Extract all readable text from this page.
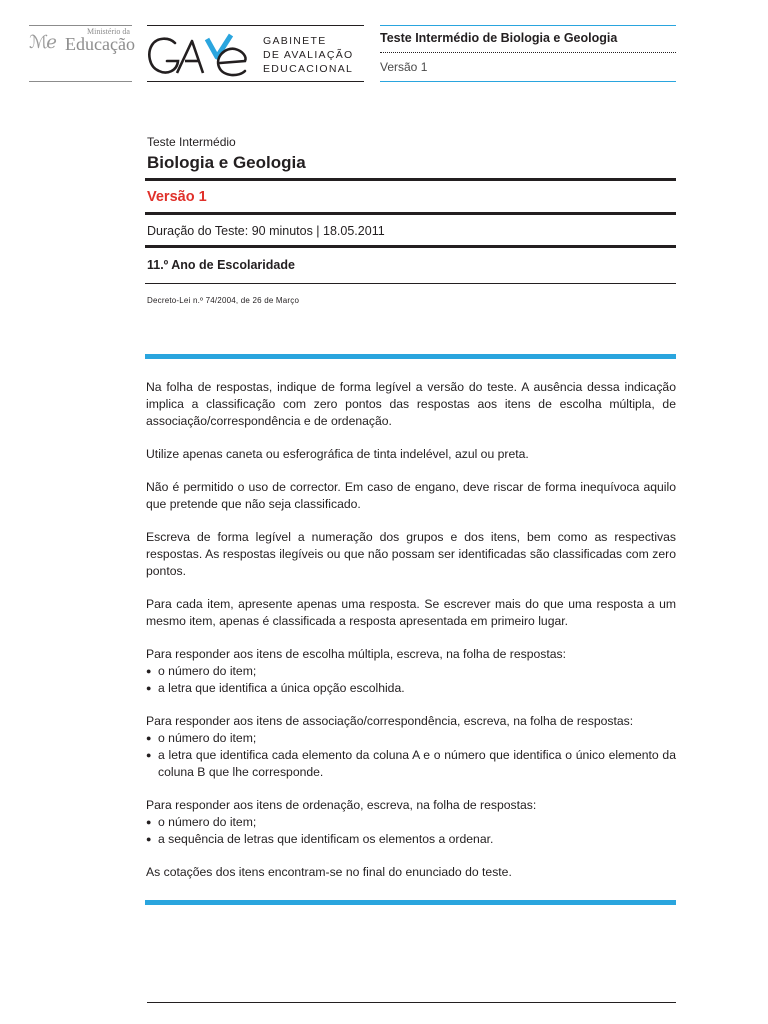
ℳℯ
Ministério da
Educação	GABINETE
DE AVALIAÇÃO
EDUCACIONAL
Teste Intermédio de Biologia e Geologia
Versão 1
Teste Intermédio
Biologia e Geologia
Versão 1
Duração do Teste: 90 minutos | 18.05.2011
11.º Ano de Escolaridade
Decreto-Lei n.º 74/2004, de 26 de Março

Na folha de respostas, indique de forma legível a versão do teste. A ausência dessa indicação implica a classificação com zero pontos das respostas aos itens de escolha múltipla, de associação/correspondência e de ordenação.

Utilize apenas caneta ou esferográfica de tinta indelével, azul ou preta.

Não é permitido o uso de corrector. Em caso de engano, deve riscar de forma inequívoca aquilo que pretende que não seja classificado.

Escreva de forma legível a numeração dos grupos e dos itens, bem como as respectivas respostas. As respostas ilegíveis ou que não possam ser identificadas são classificadas com zero pontos.

Para cada item, apresente apenas uma resposta. Se escrever mais do que uma resposta a um mesmo item, apenas é classificada a resposta apresentada em primeiro lugar.

Para responder aos itens de escolha múltipla, escreva, na folha de respostas:

● o número do item;
● a letra que identifica a única opção escolhida.

Para responder aos itens de associação/correspondência, escreva, na folha de respostas:

● o número do item;
● a letra que identifica cada elemento da coluna A e o número que identifica o único elemento da coluna B que lhe corresponde.

Para responder aos itens de ordenação, escreva, na folha de respostas:

● o número do item;
● a sequência de letras que identificam os elementos a ordenar.

As cotações dos itens encontram-se no final do enunciado do teste.
